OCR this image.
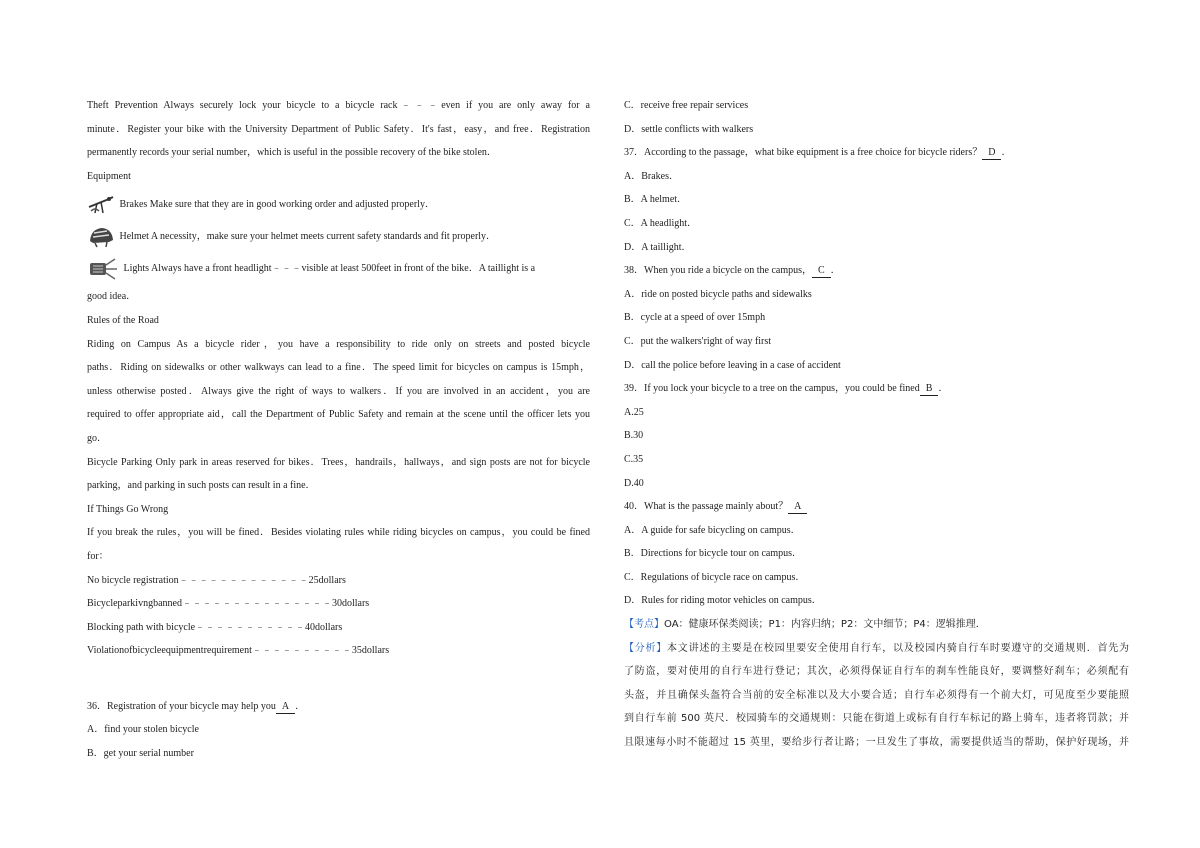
Theft Prevention Always securely lock your bicycle to a bicycle rack﹣﹣﹣even if you are only away for a
minute．Register your bike with the University Department of Public Safety．It's fast，easy，and free．Registration
permanently records your serial number，which is useful in the possible recovery of the bike stolen．
Equipment
Brakes Make sure that they are in good working order and adjusted properly．
Helmet A necessity，make sure your helmet meets current safety standards and fit properly．
Lights Always have a front headlight﹣﹣﹣visible at least 500feet in front of the bike．A taillight is a
good idea．
Rules of the Road
Riding on Campus As a bicycle rider，you have a responsibility to ride only on streets and posted bicycle
paths．Riding on sidewalks or other walkways can lead to a fine．The speed limit for bicycles on campus is 15mph，
unless otherwise posted．Always give the right of ways to walkers．If you are involved in an accident，you are
required to offer appropriate aid，call the Department of Public Safety and remain at the scene until the officer lets you
go．
Bicycle Parking Only park in areas reserved for bikes．Trees，handrails，hallways，and sign posts are not for bicycle
parking，and parking in such posts can result in a fine．
If Things Go Wrong
If you break the rules，you will be fined．Besides violating rules while riding bicycles on campus，you could be fined
for：
No bicycle registration﹣﹣﹣﹣﹣﹣﹣﹣﹣﹣﹣﹣﹣25dollars
Bicycleparkivngbanned﹣﹣﹣﹣﹣﹣﹣﹣﹣﹣﹣﹣﹣﹣﹣30dollars
Blocking path with bicycle﹣﹣﹣﹣﹣﹣﹣﹣﹣﹣﹣40dollars
Violationofbicycleequipmentrequirement﹣﹣﹣﹣﹣﹣﹣﹣﹣﹣35dollars
36．Registration of your bicycle may help you A ．
A．find your stolen bicycle
B．get your serial number
C．receive free repair services
D．settle conflicts with walkers
37．According to the passage，what bike equipment is a free choice for bicycle riders？ D ．
A．Brakes．
B．A helmet．
C．A headlight．
D．A taillight．
38．When you ride a bicycle on the campus， C ．
A．ride on posted bicycle paths and sidewalks
B．cycle at a speed of over 15mph
C．put the walkers'right of way first
D．call the police before leaving in a case of accident
39．If you lock your bicycle to a tree on the campus，you could be fined B ．
A.25
B.30
C.35
D.40
40．What is the passage mainly about？ A
A．A guide for safe bicycling on campus．
B．Directions for bicycle tour on campus．
C．Regulations of bicycle race on campus．
D．Rules for riding motor vehicles on campus．
【考点】OA：健康环保类阅读；P1：内容归纳；P2：文中细节；P4：逻辑推理．
【分析】本文讲述的主要是在校园里要安全使用自行车，以及校园内骑自行车时要遵守的交通规则．首先为
了防盗，要对使用的自行车进行登记；其次，必须得保证自行车的刹车性能良好，要调整好刹车；必须配有
头盔，并且确保头盔符合当前的安全标准以及大小要合适；自行车必须得有一个前大灯，可见度至少要能照
到自行车前 500 英尺．校园骑车的交通规则：只能在街道上或标有自行车标记的路上骑车，违者将罚款；并
且限速每小时不能超过 15 英里，要给步行者让路；一旦发生了事故，需要提供适当的帮助，保护好现场，并
